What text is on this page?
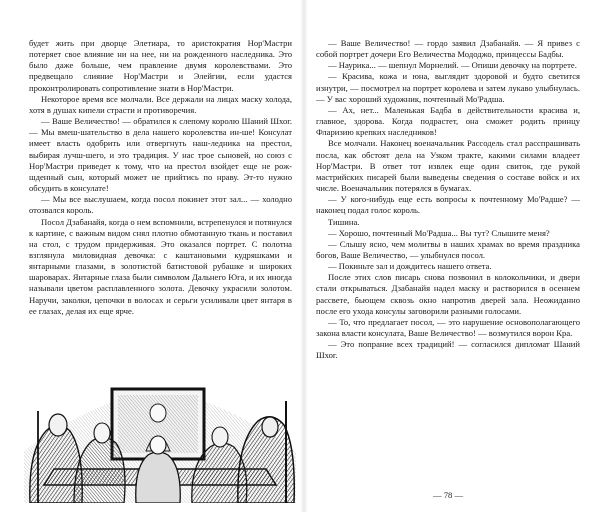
будет жить при дворце Элетиара, то аристократия Нор'Мастри потеряет свое влияние ни на нее, ни на рожденного наследника. Это было даже больше, чем правление двумя королевствами. Это предвещало слияние Нор'Мастри и Элейгии, если удастся проконтролировать сопротивление знати в Нор'Мастри.

Некоторое время все молчали. Все держали на лицах маску холода, хотя в душах кипели страсти и противоречия.

— Ваше Величество! — обратился к слепому королю Шаний Шхог. — Мы вмеш-шательство в дела нашего королевства ин-ше! Консулат имеет власть одобрить или отвергнуть наш-ледника на престол, выбирая лучш-шего, и это традиция. У нас трое сыновей, но союз с Нор'Мастри приведет к тому, что на престол взойдет еще не рож-шденный сын, который может не прийтись по нраву. Эт-то нужно обсудить в консулате!

— Мы все выслушаем, когда посол покинет этот зал... — холодно отозвался король.

Посол Дзабанайя, когда о нем вспомнили, встрепенулся и потянулся к картине, с важным видом снял плотно обмотанную ткань и поставил на стол, с трудом придерживая. Это оказался портрет. С полотна взглянула миловидная девочка: с каштановыми кудряшками и янтарными глазами, в золотистой батистовой рубашке и широких шароварах. Янтарные глаза были символом Дальнего Юга, и их иногда называли цветом расплавленного золота. Девочку украсили золотом. Наручи, заколки, цепочки в волосах и серьги усиливали цвет янтаря в ее глазах, делая их еще ярче.

— Ваше Величество! — гордо заявил Дзабанайя. — Я привез с собой портрет дочери Его Величества Мододжо, принцессы Бадбы.

— Наурика... — шепнул Морнелий. — Опиши девочку на портрете.

— Красива, кожа и юна, выглядит здоровой и будто светится изнутри, — посмотрел на портрет королева и затем лукаво улыбнулась. — У вас хороший художник, почтенный Мо'Радша.

— Ах, нет... Маленькая Бадба в действительности красива и, главное, здорова. Когда подрастет, она сможет родить принцу Фларизию крепких наследников!

Все молчали. Наконец военачальник Рассодель стал расспрашивать посла, как обстоят дела на Узком тракте, какими силами владеет Нор'Мастри. В ответ тот извлек еще один свиток, где рукой мастрийских писарей были выведены сведения о составе войск и их числе. Военачальник потерялся в бумагах.

— У кого-нибудь еще есть вопросы к почтенному Мо'Радше? — наконец подал голос король.

Тишина.

— Хорошо, почтенный Мо'Радша... Вы тут? Слышите меня?

— Слышу ясно, чем молитвы в наших храмах во время праздника богов, Ваше Величество, — улыбнулся посол.

— Покиньте зал и дождитесь нашего ответа.

После этих слов писарь снова позвонил в колокольчики, и двери стали открываться. Дзабанайя надел маску и растворился в осеннем рассвете, бьющем сквозь окно напротив дверей зала. Неожиданно после его ухода консулы заговорили разными голосами.

— То, что предлагает посол, — это нарушение основополагающего закона власти консулата, Ваше Величество! — возмутился ворон Кра.

— Это попрание всех традиций! — согласился дипломат Шаний Шхог.

— 78 —
